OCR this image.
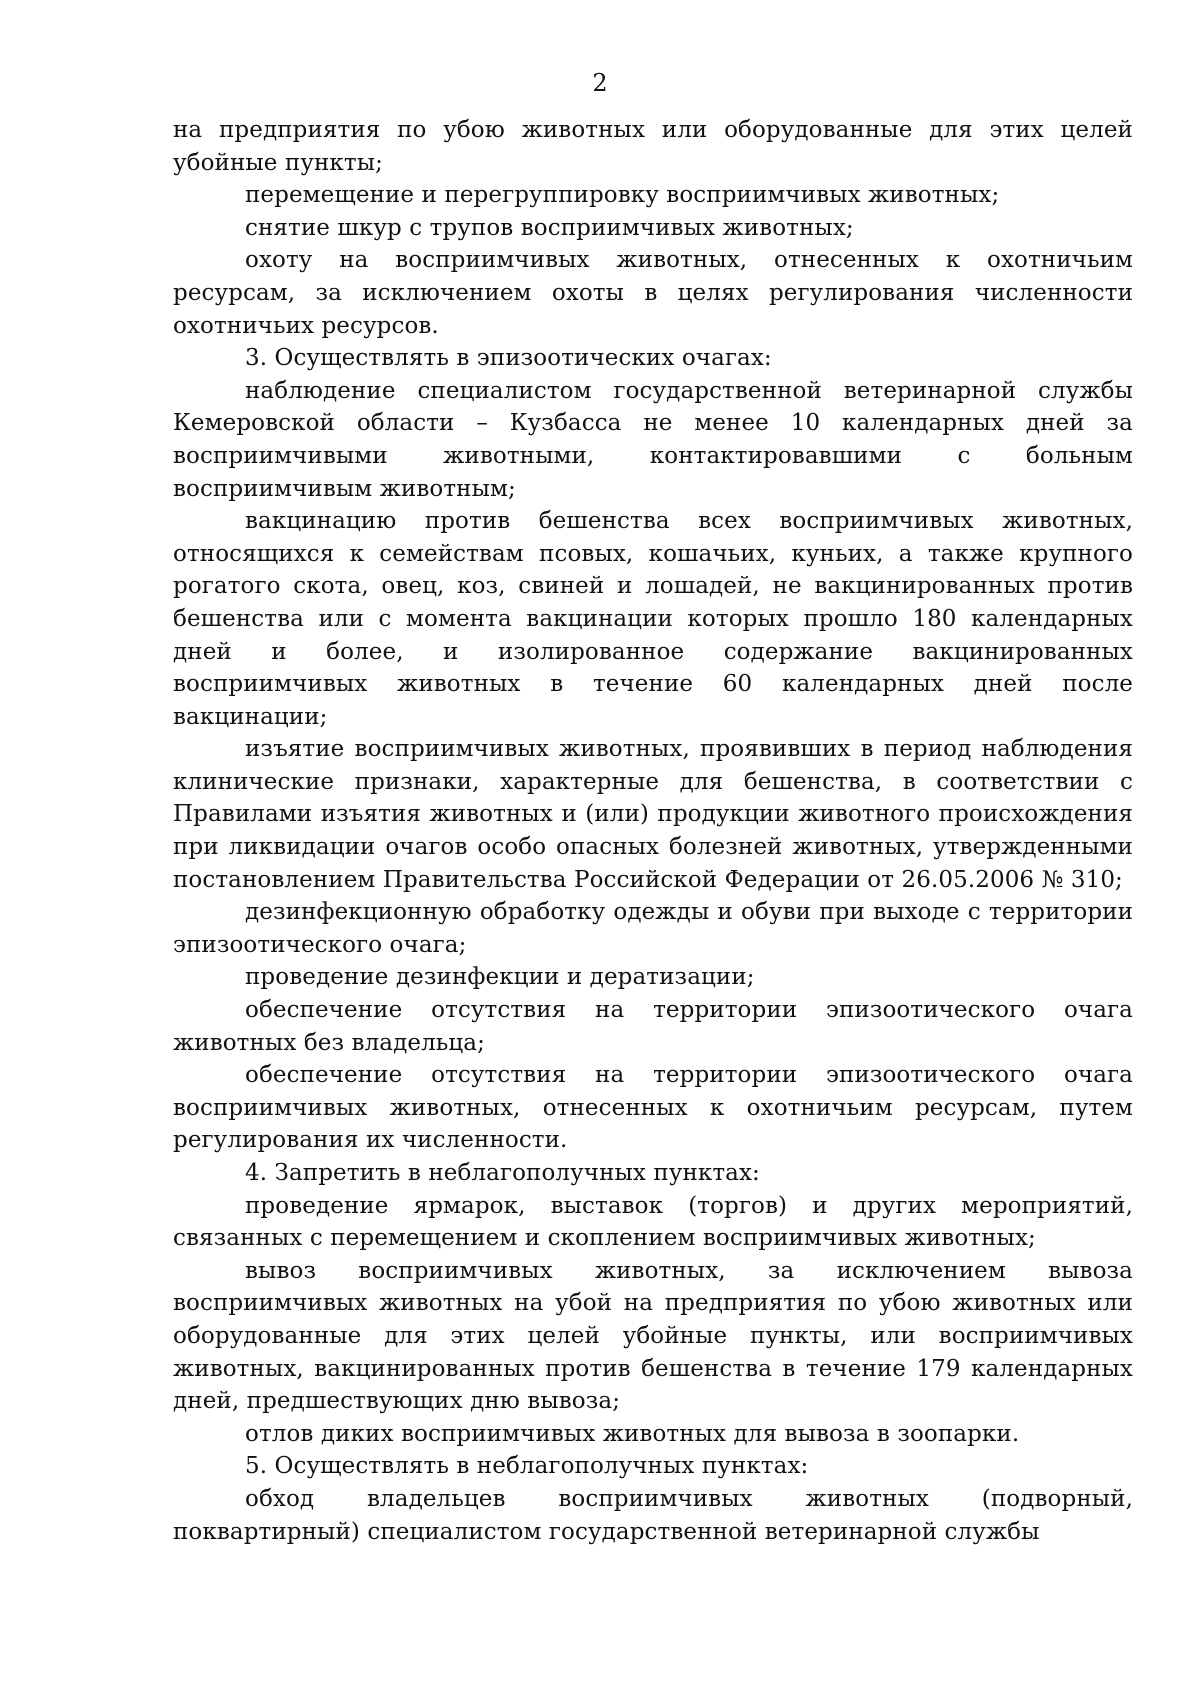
2

на предприятия по убою животных или оборудованные для этих целей убойные пункты;

перемещение и перегруппировку восприимчивых животных;

снятие шкур с трупов восприимчивых животных;

охоту на восприимчивых животных, отнесенных к охотничьим ресурсам, за исключением охоты в целях регулирования численности охотничьих ресурсов.

3. Осуществлять в эпизоотических очагах:

наблюдение специалистом государственной ветеринарной службы Кемеровской области – Кузбасса не менее 10 календарных дней за восприимчивыми животными, контактировавшими с больным восприимчивым животным;

вакцинацию против бешенства всех восприимчивых животных, относящихся к семействам псовых, кошачьих, куньих, а также крупного рогатого скота, овец, коз, свиней и лошадей, не вакцинированных против бешенства или с момента вакцинации которых прошло 180 календарных дней и более, и изолированное содержание вакцинированных восприимчивых животных в течение 60 календарных дней после вакцинации;

изъятие восприимчивых животных, проявивших в период наблюдения клинические признаки, характерные для бешенства, в соответствии с Правилами изъятия животных и (или) продукции животного происхождения при ликвидации очагов особо опасных болезней животных, утвержденными постановлением Правительства Российской Федерации от 26.05.2006 № 310;

дезинфекционную обработку одежды и обуви при выходе с территории эпизоотического очага;

проведение дезинфекции и дератизации;

обеспечение отсутствия на территории эпизоотического очага животных без владельца;

обеспечение отсутствия на территории эпизоотического очага восприимчивых животных, отнесенных к охотничьим ресурсам, путем регулирования их численности.

4. Запретить в неблагополучных пунктах:

проведение ярмарок, выставок (торгов) и других мероприятий, связанных с перемещением и скоплением восприимчивых животных;

вывоз восприимчивых животных, за исключением вывоза восприимчивых животных на убой на предприятия по убою животных или оборудованные для этих целей убойные пункты, или восприимчивых животных, вакцинированных против бешенства в течение 179 календарных дней, предшествующих дню вывоза;

отлов диких восприимчивых животных для вывоза в зоопарки.

5. Осуществлять в неблагополучных пунктах:

обход владельцев восприимчивых животных (подворный, поквартирный) специалистом государственной ветеринарной службы
